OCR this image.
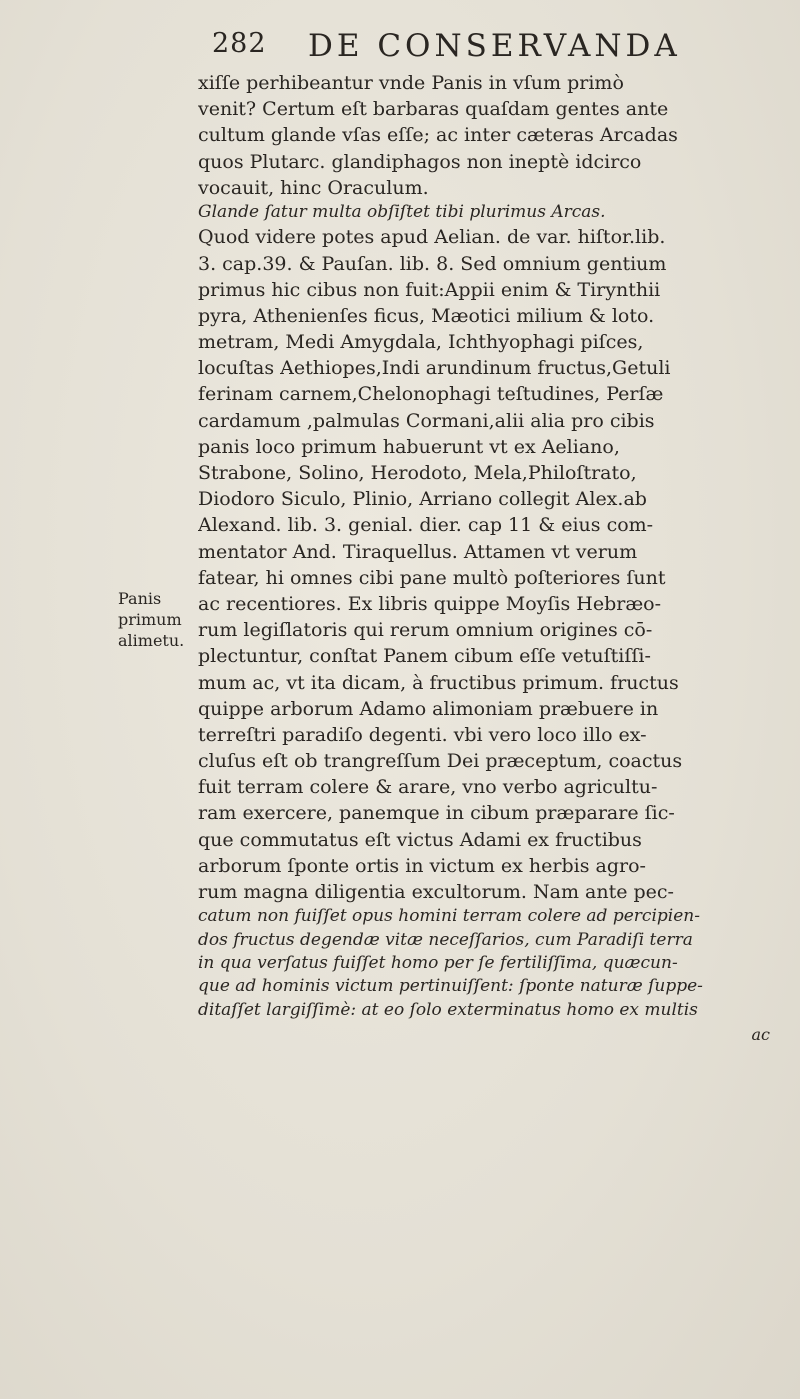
282 DE CONSERVANDA
Panis
primum
alimetu.
xiſſe perhibeantur vnde Panis in vſum primò
venit? Certum eſt barbaras quaſdam gentes ante
cultum glande vſas eſſe; ac inter cæteras Arcadas
quos Plutarc. glandiphagos non ineptè idcirco
vocauit, hinc Oraculum.
Glande ſatur multa obſiſtet tibi plurimus Arcas.
Quod videre potes apud Aelian. de var. hiſtor.lib.
3. cap.39. & Pauſan. lib. 8. Sed omnium gentium
primus hic cibus non fuit:Appii enim & Tirynthii
pyra, Athenienſes ficus, Mæotici milium & loto.
metram, Medi Amygdala, Ichthyophagi piſces,
locuſtas Aethiopes,Indi arundinum fructus,Getuli
ferinam carnem,Chelonophagi teſtudines, Perſæ
cardamum ,palmulas Cormani,alii alia pro cibis
panis loco primum habuerunt vt ex Aeliano,
Strabone, Solino, Herodoto, Mela,Philoſtrato,
Diodoro Siculo, Plinio, Arriano collegit Alex.ab
Alexand. lib. 3. genial. dier. cap 11 & eius com-
mentator And. Tiraquellus. Attamen vt verum
fatear, hi omnes cibi pane multò poſteriores ſunt
ac recentiores. Ex libris quippe Moyſis Hebræo-
rum legiſlatoris qui rerum omnium origines cō-
plectuntur, conſtat Panem cibum eſſe vetuſtiſſi-
mum ac, vt ita dicam, à fructibus primum. fructus
quippe arborum Adamo alimoniam præbuere in
terreſtri paradiſo degenti. vbi vero loco illo ex-
cluſus eſt ob trangreſſum Dei præceptum, coactus
fuit terram colere & arare, vno verbo agricultu-
ram exercere, panemque in cibum præparare ſic-
que commutatus eſt victus Adami ex fructibus
arborum ſponte ortis in victum ex herbis agro-
rum magna diligentia excultorum. Nam ante pec-
catum non fuiſſet opus homini terram colere ad percipien-
dos fructus degendæ vitæ neceſſarios, cum Paradiſi terra
in qua verſatus fuiſſet homo per ſe fertiliſſima, quæcun-
que ad hominis victum pertinuiſſent: ſponte naturæ ſuppe-
ditaſſet largiſſimè: at eo ſolo exterminatus homo ex multis
ac
